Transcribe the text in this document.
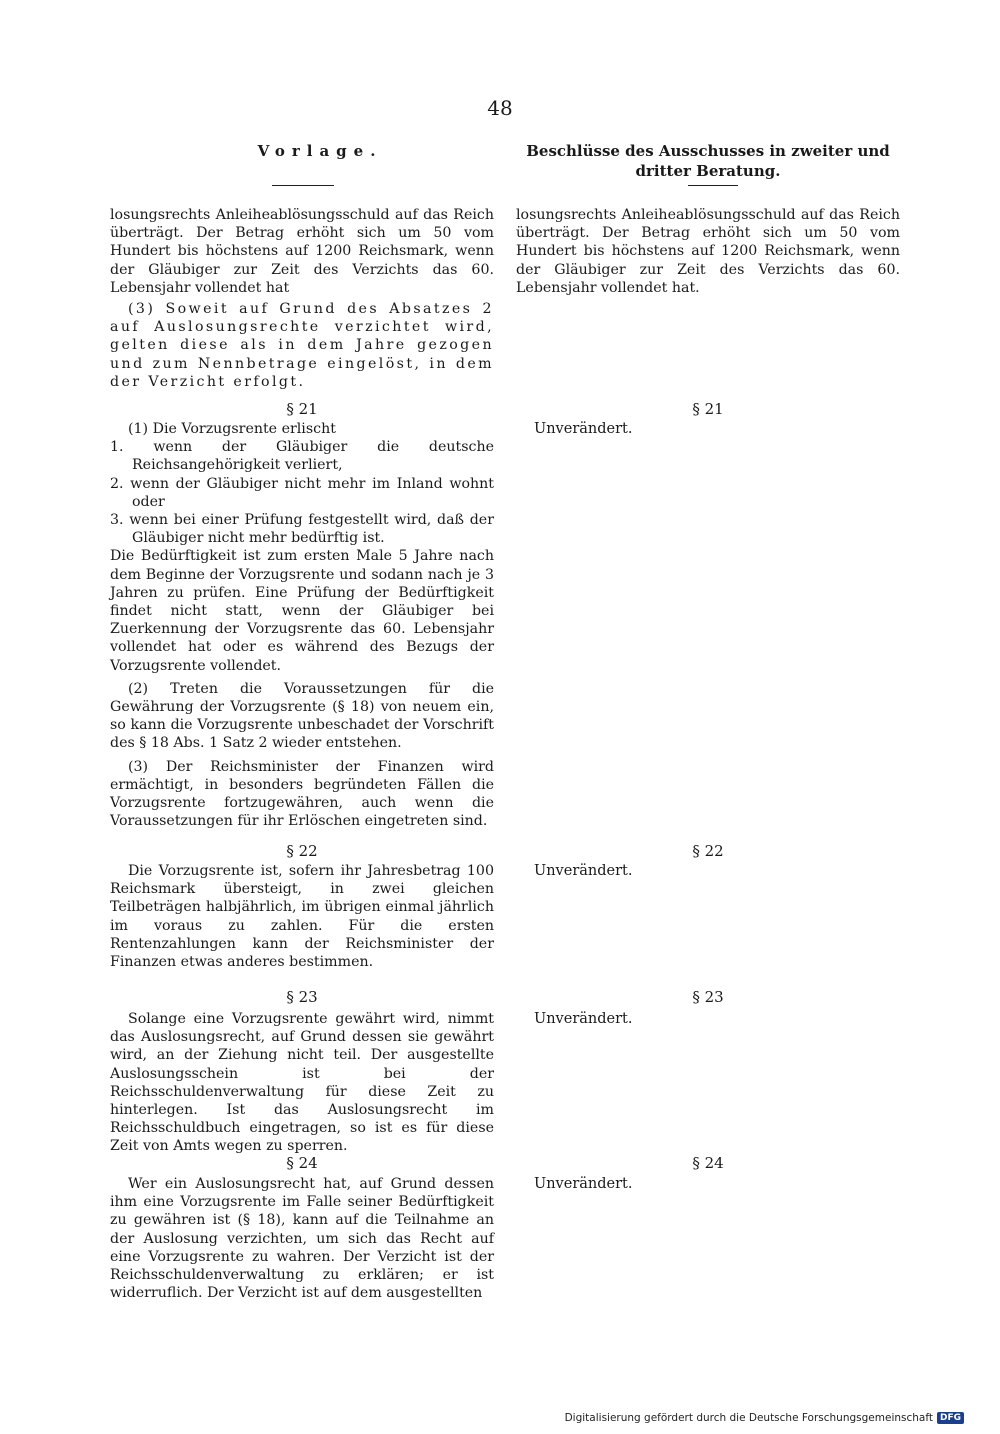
48
Vorlage.	Beschlüsse des Ausschusses in zweiter und dritter Beratung.

losungsrechts Anleiheablösungsschuld auf das Reich überträgt. Der Betrag erhöht sich um 50 vom Hundert bis höchstens auf 1200 Reichsmark, wenn der Gläubiger zur Zeit des Verzichts das 60. Lebensjahr vollendet hat

(3) Soweit auf Grund des Absatzes 2 auf Auslosungsrechte verzichtet wird, gelten diese als in dem Jahre gezogen und zum Nennbetrage eingelöst, in dem der Verzicht erfolgt.

§ 21

(1) Die Vorzugsrente erlischt

1. wenn der Gläubiger die deutsche Reichsangehörigkeit verliert,

2. wenn der Gläubiger nicht mehr im Inland wohnt oder

3. wenn bei einer Prüfung festgestellt wird, daß der Gläubiger nicht mehr bedürftig ist.

Die Bedürftigkeit ist zum ersten Male 5 Jahre nach dem Beginne der Vorzugsrente und sodann nach je 3 Jahren zu prüfen. Eine Prüfung der Bedürftigkeit findet nicht statt, wenn der Gläubiger bei Zuerkennung der Vorzugsrente das 60. Lebensjahr vollendet hat oder es während des Bezugs der Vorzugsrente vollendet.

(2) Treten die Voraussetzungen für die Gewährung der Vorzugsrente (§ 18) von neuem ein, so kann die Vorzugsrente unbeschadet der Vorschrift des § 18 Abs. 1 Satz 2 wieder entstehen.

(3) Der Reichsminister der Finanzen wird ermächtigt, in besonders begründeten Fällen die Vorzugsrente fortzugewähren, auch wenn die Voraussetzungen für ihr Erlöschen eingetreten sind.

§ 22

Die Vorzugsrente ist, sofern ihr Jahresbetrag 100 Reichsmark übersteigt, in zwei gleichen Teilbeträgen halbjährlich, im übrigen einmal jährlich im voraus zu zahlen. Für die ersten Rentenzahlungen kann der Reichsminister der Finanzen etwas anderes bestimmen.

§ 23

Solange eine Vorzugsrente gewährt wird, nimmt das Auslosungsrecht, auf Grund dessen sie gewährt wird, an der Ziehung nicht teil. Der ausgestellte Auslosungsschein ist bei der Reichsschuldenverwaltung für diese Zeit zu hinterlegen. Ist das Auslosungsrecht im Reichsschuldbuch eingetragen, so ist es für diese Zeit von Amts wegen zu sperren.

§ 24

Wer ein Auslosungsrecht hat, auf Grund dessen ihm eine Vorzugsrente im Falle seiner Bedürftigkeit zu gewähren ist (§ 18), kann auf die Teilnahme an der Auslosung verzichten, um sich das Recht auf eine Vorzugsrente zu wahren. Der Verzicht ist der Reichsschuldenverwaltung zu erklären; er ist widerruflich. Der Verzicht ist auf dem ausgestellten

losungsrechts Anleiheablösungsschuld auf das Reich überträgt. Der Betrag erhöht sich um 50 vom Hundert bis höchstens auf 1200 Reichsmark, wenn der Gläubiger zur Zeit des Verzichts das 60. Lebensjahr vollendet hat.

§ 21
Unverändert.
§ 22
Unverändert.
§ 23
Unverändert.
§ 24
Unverändert.
Digitalisierung gefördert durch die Deutsche Forschungsgemeinschaft DFG
